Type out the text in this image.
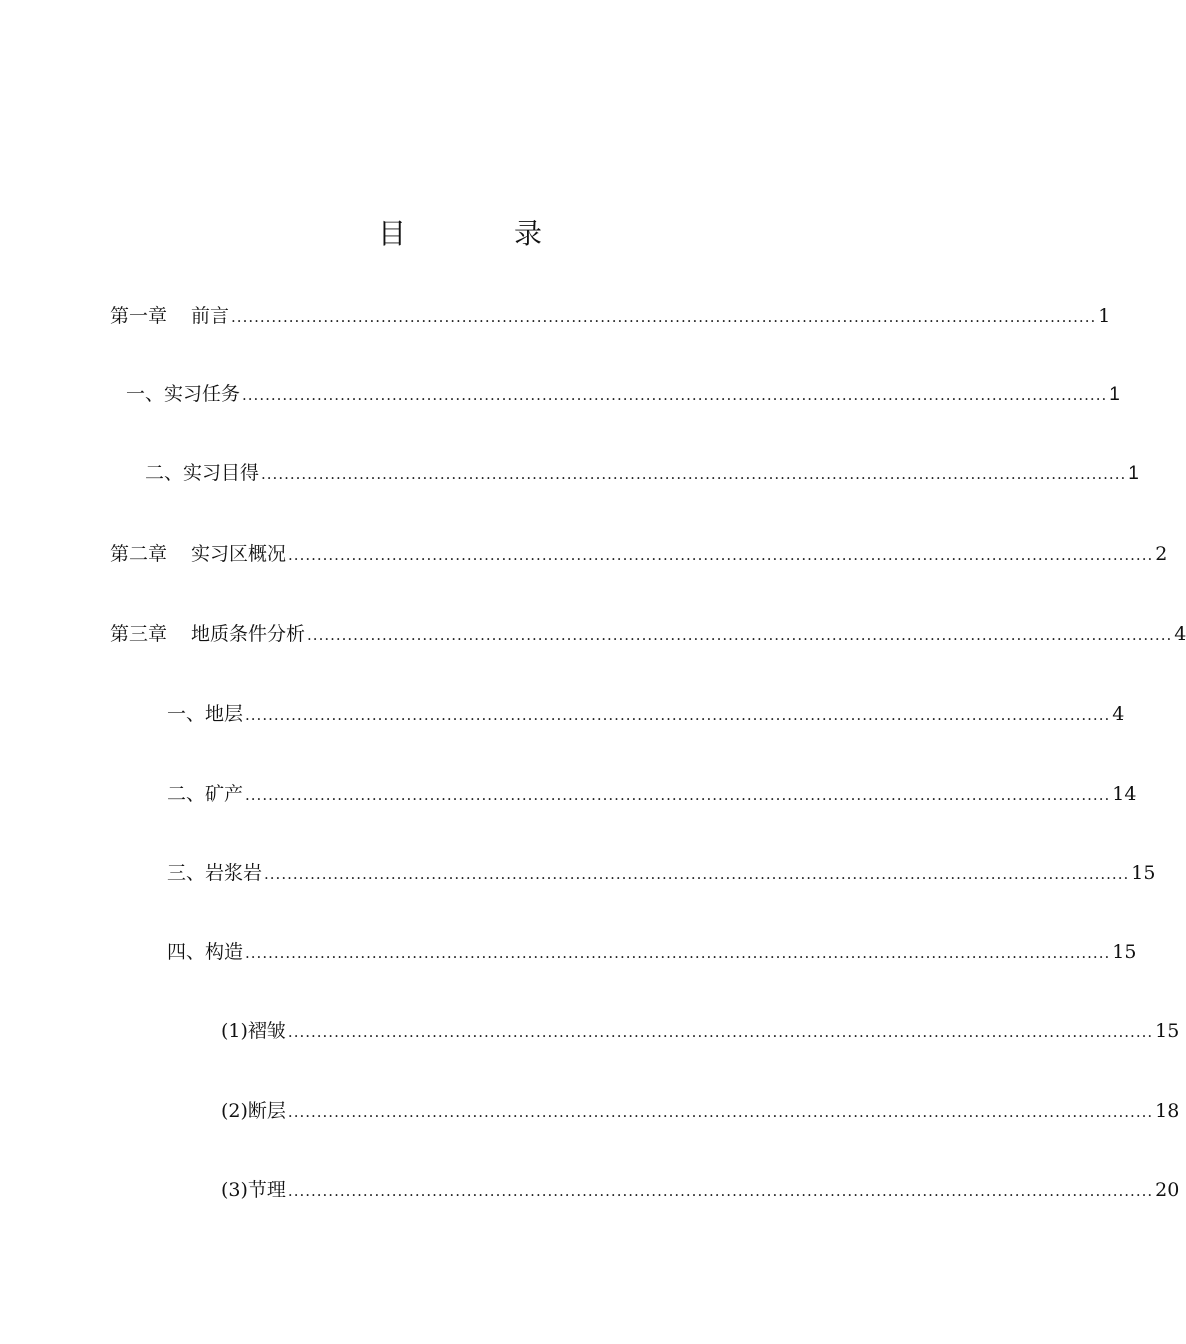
目　录
第一章 前言 ...................................................................................................................................................... 1
一、实习任务 ...................................................................................................................................................... 1
二、实习目得 ...................................................................................................................................................... 1
第二章 实习区概况 ...................................................................................................................................................... 2
第三章 地质条件分析 ...................................................................................................................................................... 4
一、地层 ...................................................................................................................................................... 4
二、矿产 ...................................................................................................................................................... 14
三、岩浆岩 ...................................................................................................................................................... 15
四、构造 ...................................................................................................................................................... 15
(1)褶皱 ...................................................................................................................................................... 15
(2)断层 ...................................................................................................................................................... 18
(3)节理 ...................................................................................................................................................... 20
